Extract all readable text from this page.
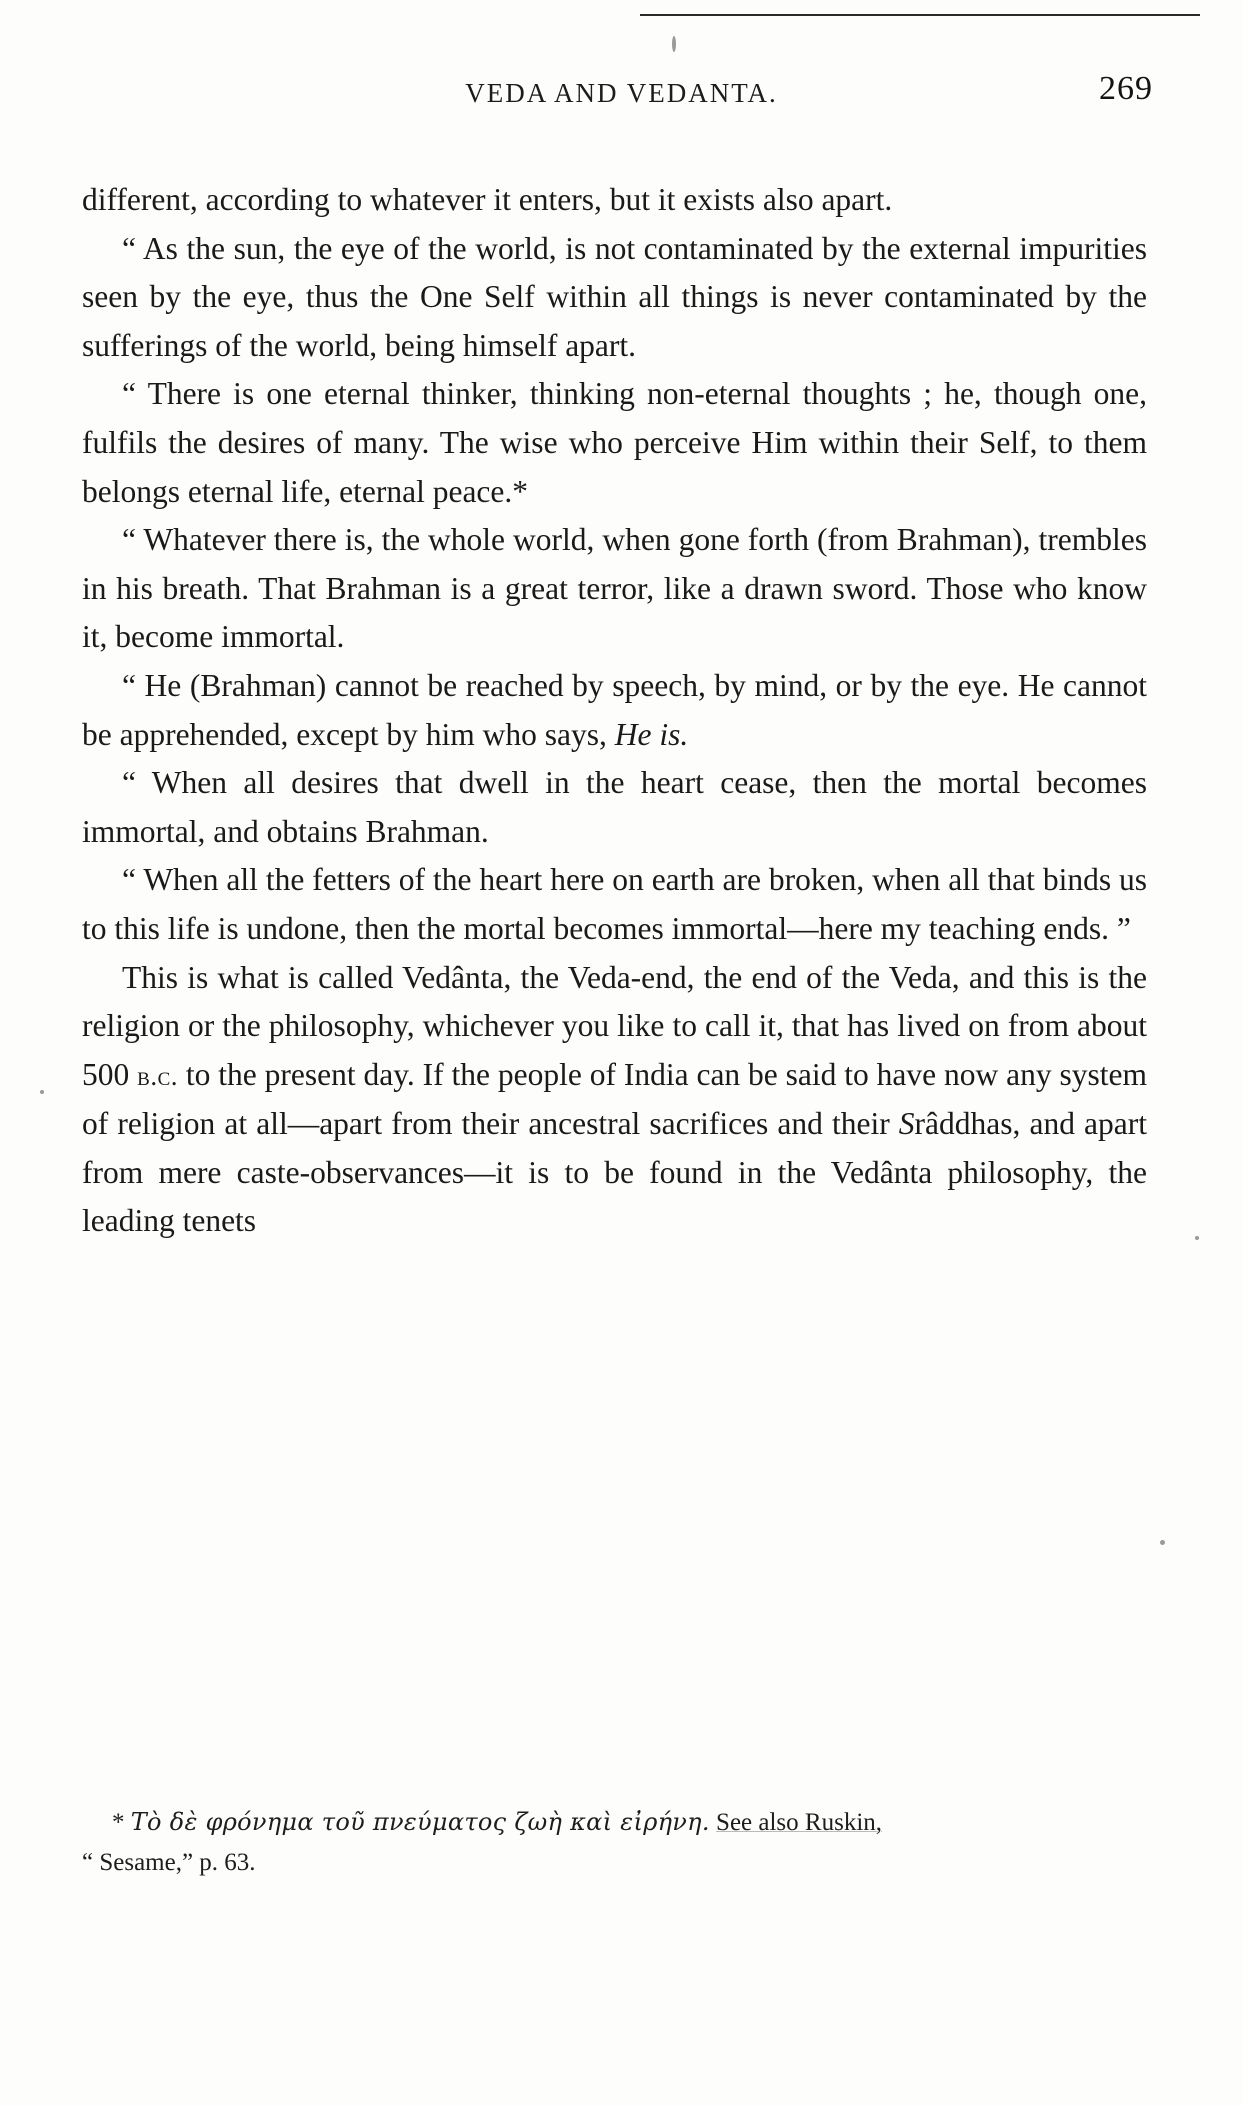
VEDA AND VEDANTA.	269

different, according to whatever it enters, but it exists also apart.

“ As the sun, the eye of the world, is not contaminated by the external impurities seen by the eye, thus the One Self within all things is never contaminated by the sufferings of the world, being himself apart.

“ There is one eternal thinker, thinking non-eternal thoughts ; he, though one, fulfils the desires of many. The wise who perceive Him within their Self, to them belongs eternal life, eternal peace.*

“ Whatever there is, the whole world, when gone forth (from Brahman), trembles in his breath. That Brahman is a great terror, like a drawn sword. Those who know it, become immortal.

“ He (Brahman) cannot be reached by speech, by mind, or by the eye. He cannot be apprehended, except by him who says, He is.

“ When all desires that dwell in the heart cease, then the mortal becomes immortal, and obtains Brahman.

“ When all the fetters of the heart here on earth are broken, when all that binds us to this life is undone, then the mortal becomes immortal—here my teaching ends. ”

This is what is called Vedânta, the Veda-end, the end of the Veda, and this is the religion or the philosophy, whichever you like to call it, that has lived on from about 500 b.c. to the present day. If the people of India can be said to have now any system of religion at all—apart from their ancestral sacrifices and their Srâddhas, and apart from mere caste-observances—it is to be found in the Vedânta philosophy, the leading tenets

* Τὸ δὲ φρόνημα τοῦ πνεύματος ζωὴ καὶ εἰρήνη. See also Ruskin,
“ Sesame,” p. 63.
